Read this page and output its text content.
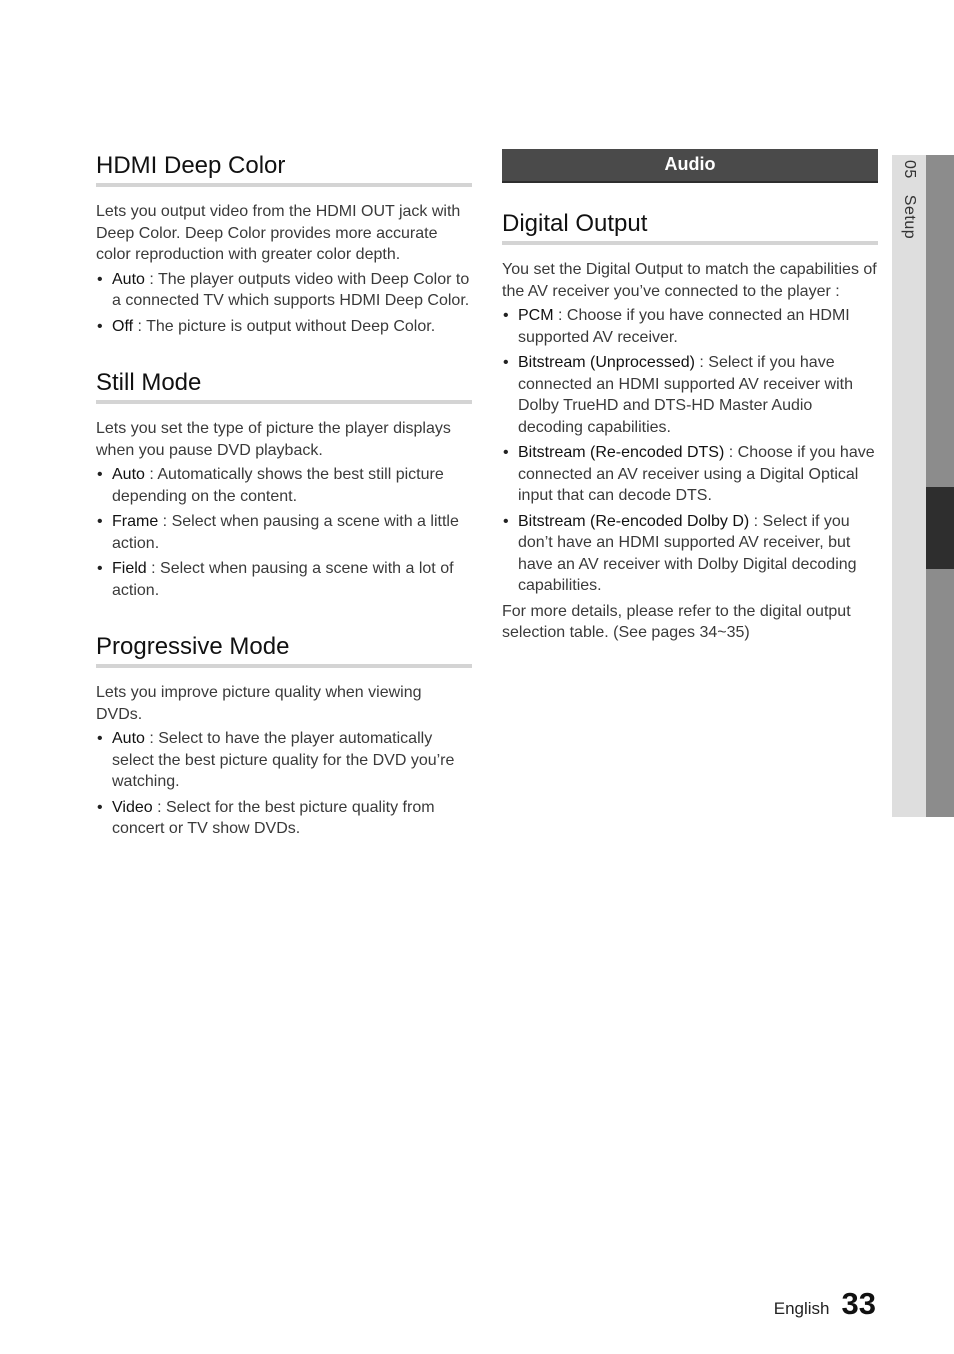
HDMI Deep Color

Lets you output video from the HDMI OUT jack with Deep Color. Deep Color provides more accurate color reproduction with greater color depth.

• Auto : The player outputs video with Deep Color to a connected TV which supports HDMI Deep Color.
• Off : The picture is output without Deep Color.
Still Mode

Lets you set the type of picture the player displays when you pause DVD playback.

• Auto : Automatically shows the best still picture depending on the content.
• Frame : Select when pausing a scene with a little action.
• Field : Select when pausing a scene with a lot of action.
Progressive Mode

Lets you improve picture quality when viewing DVDs.

• Auto : Select to have the player automatically select the best picture quality for the DVD you’re watching.
• Video : Select for the best picture quality from concert or TV show DVDs.
Audio
Digital Output

You set the Digital Output to match the capabilities of the AV receiver you’ve connected to the player :

• PCM : Choose if you have connected an HDMI supported AV receiver.
• Bitstream (Unprocessed) : Select if you have connected an HDMI supported AV receiver with Dolby TrueHD and DTS-HD Master Audio decoding capabilities.
• Bitstream (Re-encoded DTS) : Choose if you have connected an AV receiver using a Digital Optical input that can decode DTS.
• Bitstream (Re-encoded Dolby D) : Select if you don’t have an HDMI supported AV receiver, but have an AV receiver with Dolby Digital decoding capabilities.

For more details, please refer to the digital output selection table. (See pages 34~35)

05Setup
English 33
